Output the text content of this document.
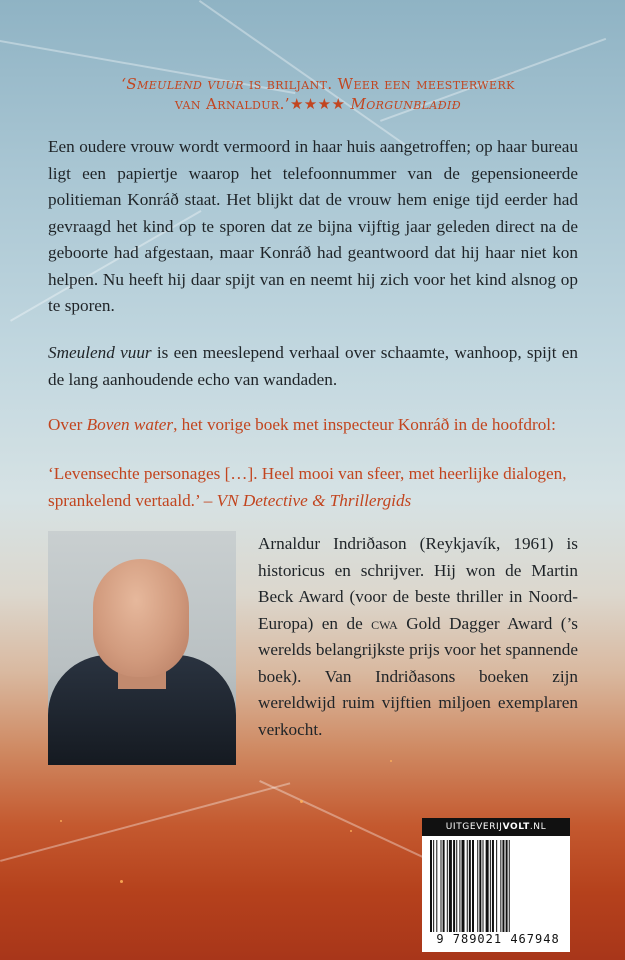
‘Smeulend vuur is briljant. Weer een meesterwerk
van Arnaldur.’★★★★ Morgunblaðið
Een oudere vrouw wordt vermoord in haar huis aangetroffen; op haar bureau ligt een papiertje waarop het telefoonnummer van de gepensioneerde politieman Konráð staat. Het blijkt dat de vrouw hem enige tijd eerder had gevraagd het kind op te sporen dat ze bijna vijftig jaar geleden direct na de geboorte had afgestaan, maar Konráð had geantwoord dat hij haar niet kon helpen. Nu heeft hij daar spijt van en neemt hij zich voor het kind alsnog op te sporen.
Smeulend vuur is een meeslepend verhaal over schaamte, wanhoop, spijt en de lang aanhoudende echo van wandaden.
Over Boven water, het vorige boek met inspecteur Konráð in de hoofdrol:
‘Levensechte personages […]. Heel mooi van sfeer, met heerlijke dialogen, sprankelend vertaald.’ – VN Detective & Thrillergids
Arnaldur Indriðason (Reykjavík, 1961) is historicus en schrijver. Hij won de Martin Beck Award (voor de beste thriller in Noord-Europa) en de cwa Gold Dagger Award (’s werelds belangrijkste prijs voor het spannende boek). Van Indriðasons boeken zijn wereldwijd ruim vijftien miljoen exemplaren verkocht.
UITGEVERIJVOLT.NL
9 789021 467948
